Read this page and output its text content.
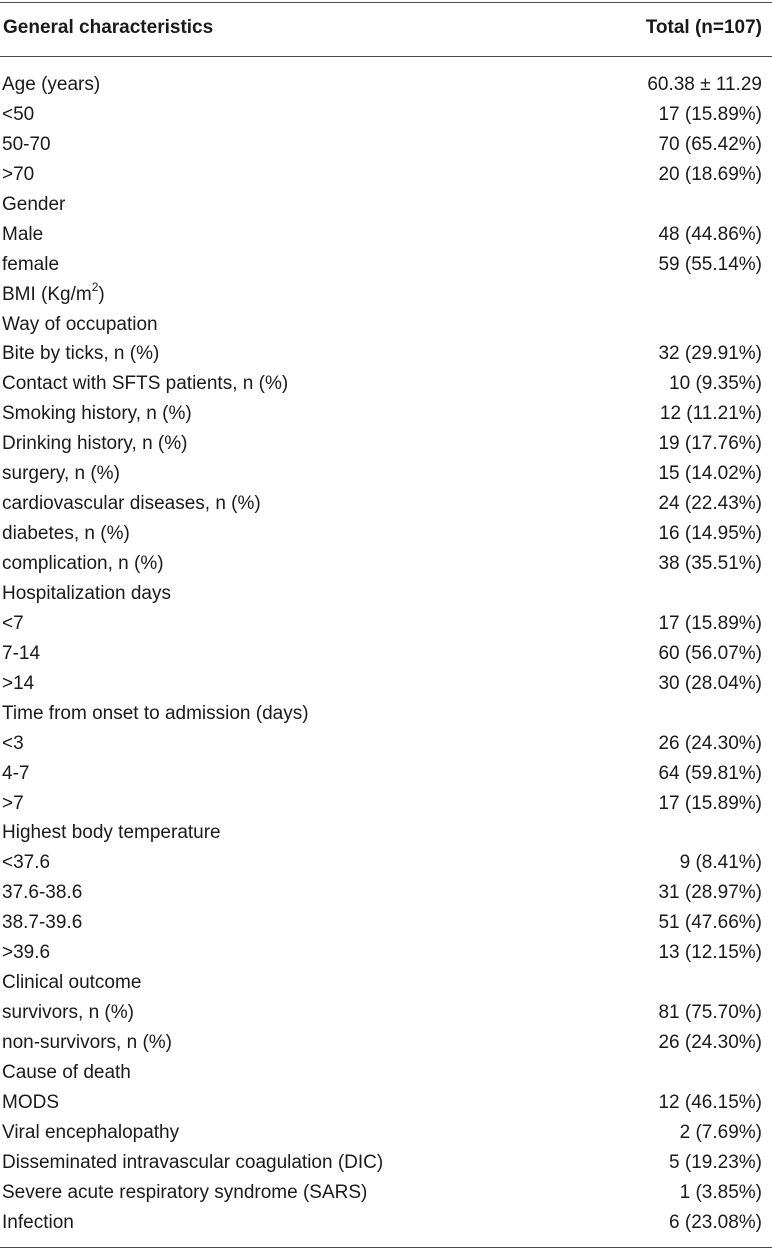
General characteristics	Total (n=107)
Age (years)	60.38 ± 11.29
<50	17 (15.89%)
50-70	70 (65.42%)
>70	20 (18.69%)
Gender
Male	48 (44.86%)
female	59 (55.14%)
BMI $(Kg/m^2)$
Way of occupation
Bite by ticks, n (%)	32 (29.91%)
Contact with SFTS patients, n (%)	10 (9.35%)
Smoking history, n (%)	12 (11.21%)
Drinking history, n (%)	19 (17.76%)
surgery, n (%)	15 (14.02%)
cardiovascular diseases, n (%)	24 (22.43%)
diabetes, n (%)	16 (14.95%)
complication, n (%)	38 (35.51%)
Hospitalization days
<7	17 (15.89%)
7-14	60 (56.07%)
>14	30 (28.04%)
Time from onset to admission (days)
<3	26 (24.30%)
4-7	64 (59.81%)
>7	17 (15.89%)
Highest body temperature
<37.6	9 (8.41%)
37.6-38.6	31 (28.97%)
38.7-39.6	51 (47.66%)
>39.6	13 (12.15%)
Clinical outcome
survivors, n (%)	81 (75.70%)
non-survivors, n (%)	26 (24.30%)
Cause of death
MODS	12 (46.15%)
Viral encephalopathy	2 (7.69%)
Disseminated intravascular coagulation (DIC)	5 (19.23%)
Severe acute respiratory syndrome (SARS)	1 (3.85%)
Infection	6 (23.08%)
